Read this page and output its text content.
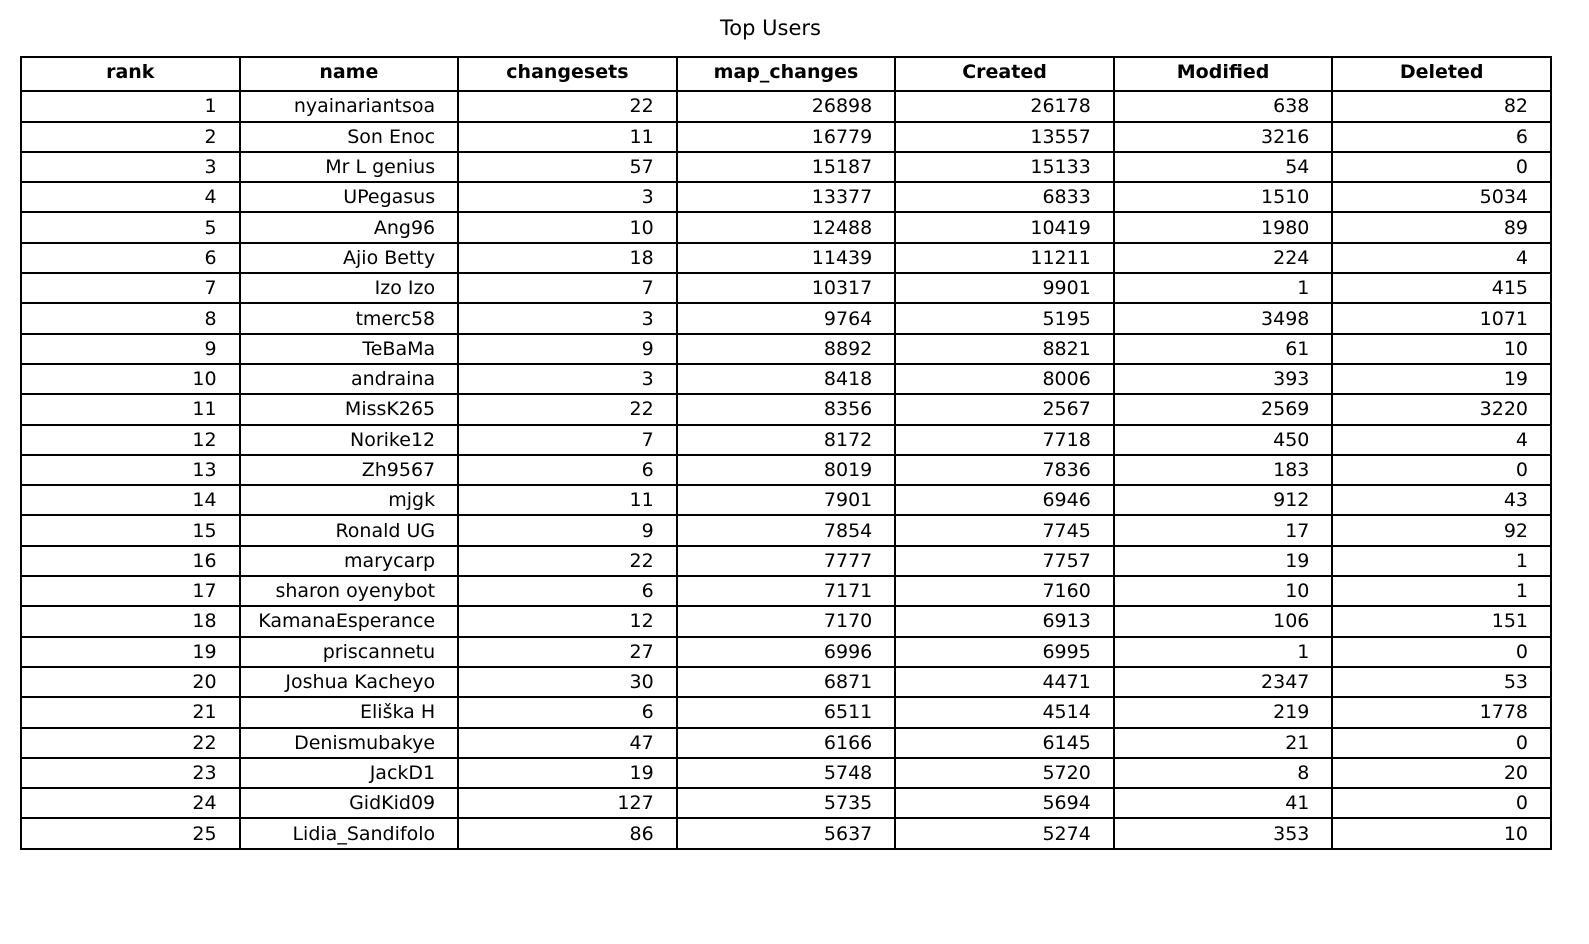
Top Users
rank	name	changesets	map_changes	Created	Modified	Deleted
1	nyainariantsoa	22	26898	26178	638	82
2	Son Enoc	11	16779	13557	3216	6
3	Mr L genius	57	15187	15133	54	0
4	UPegasus	3	13377	6833	1510	5034
5	Ang96	10	12488	10419	1980	89
6	Ajio Betty	18	11439	11211	224	4
7	Izo Izo	7	10317	9901	1	415
8	tmerc58	3	9764	5195	3498	1071
9	TeBaMa	9	8892	8821	61	10
10	andraina	3	8418	8006	393	19
11	MissK265	22	8356	2567	2569	3220
12	Norike12	7	8172	7718	450	4
13	Zh9567	6	8019	7836	183	0
14	mjgk	11	7901	6946	912	43
15	Ronald UG	9	7854	7745	17	92
16	marycarp	22	7777	7757	19	1
17	sharon oyenybot	6	7171	7160	10	1
18	KamanaEsperance	12	7170	6913	106	151
19	priscannetu	27	6996	6995	1	0
20	Joshua Kacheyo	30	6871	4471	2347	53
21	Eliška H	6	6511	4514	219	1778
22	Denismubakye	47	6166	6145	21	0
23	JackD1	19	5748	5720	8	20
24	GidKid09	127	5735	5694	41	0
25	Lidia_Sandifolo	86	5637	5274	353	10
